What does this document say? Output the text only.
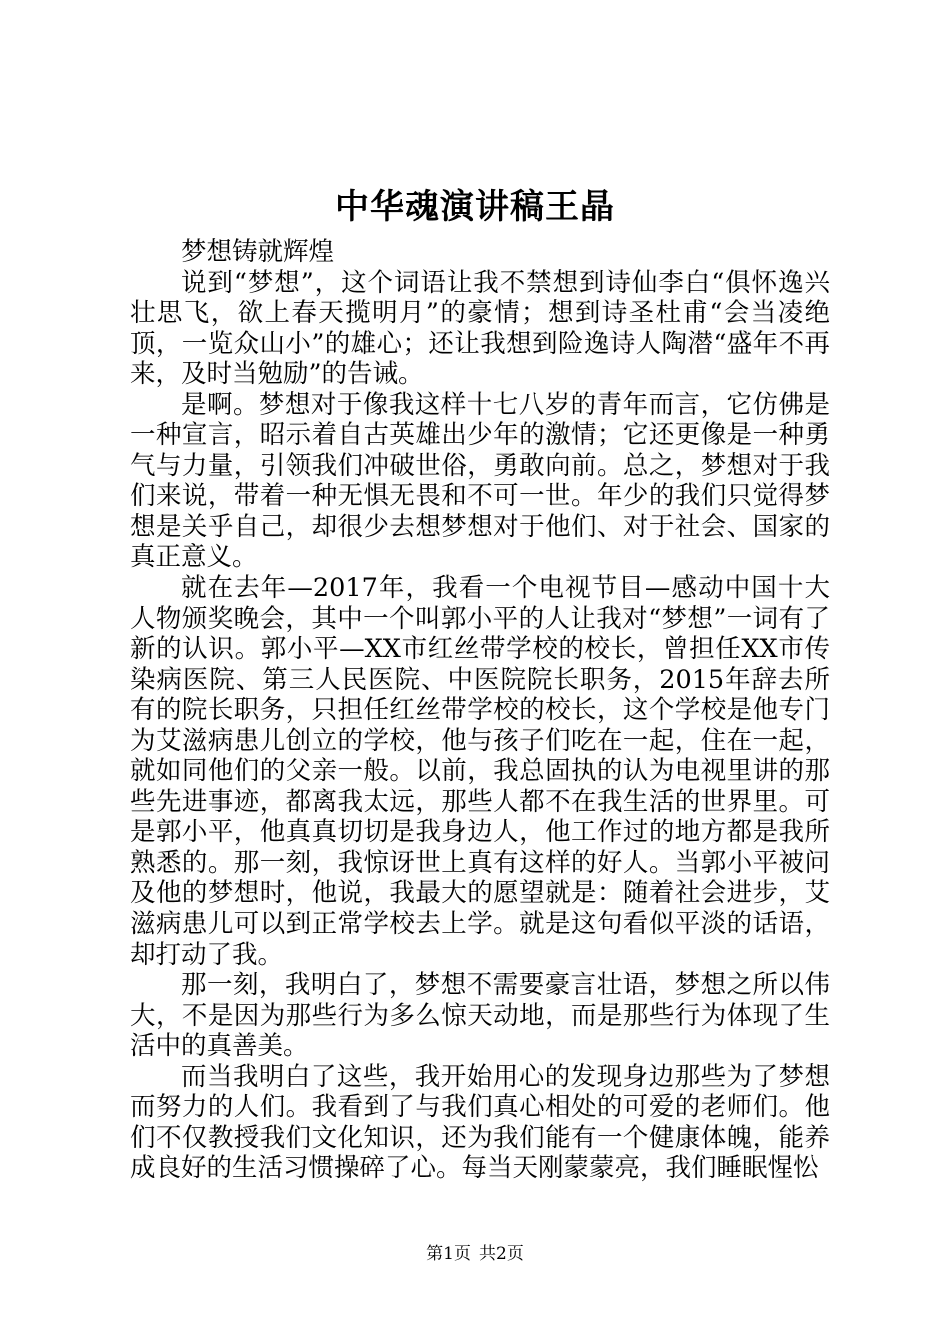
中华魂演讲稿王晶

梦想铸就辉煌

说到“梦想”，这个词语让我不禁想到诗仙李白“俱怀逸兴壮思飞，欲上春天揽明月”的豪情；想到诗圣杜甫“会当凌绝顶，一览众山小”的雄心；还让我想到险逸诗人陶潜“盛年不再来，及时当勉励”的告诫。

是啊。梦想对于像我这样十七八岁的青年而言，它仿佛是一种宣言，昭示着自古英雄出少年的激情；它还更像是一种勇气与力量，引领我们冲破世俗，勇敢向前。总之，梦想对于我们来说，带着一种无惧无畏和不可一世。年少的我们只觉得梦想是关乎自己，却很少去想梦想对于他们、对于社会、国家的真正意义。

就在去年—2017年，我看一个电视节目—感动中国十大人物颁奖晚会，其中一个叫郭小平的人让我对“梦想”一词有了新的认识。郭小平—XX市红丝带学校的校长，曾担任XX市传染病医院、第三人民医院、中医院院长职务，2015年辞去所有的院长职务，只担任红丝带学校的校长，这个学校是他专门为艾滋病患儿创立的学校，他与孩子们吃在一起，住在一起，就如同他们的父亲一般。以前，我总固执的认为电视里讲的那些先进事迹，都离我太远，那些人都不在我生活的世界里。可是郭小平，他真真切切是我身边人，他工作过的地方都是我所熟悉的。那一刻，我惊讶世上真有这样的好人。当郭小平被问及他的梦想时，他说，我最大的愿望就是：随着社会进步，艾滋病患儿可以到正常学校去上学。就是这句看似平淡的话语，却打动了我。

那一刻，我明白了，梦想不需要豪言壮语，梦想之所以伟大，不是因为那些行为多么惊天动地，而是那些行为体现了生活中的真善美。

而当我明白了这些，我开始用心的发现身边那些为了梦想而努力的人们。我看到了与我们真心相处的可爱的老师们。他们不仅教授我们文化知识，还为我们能有一个健康体魄，能养成良好的生活习惯操碎了心。每当天刚蒙蒙亮，我们睡眠惺忪

第1页 共2页
